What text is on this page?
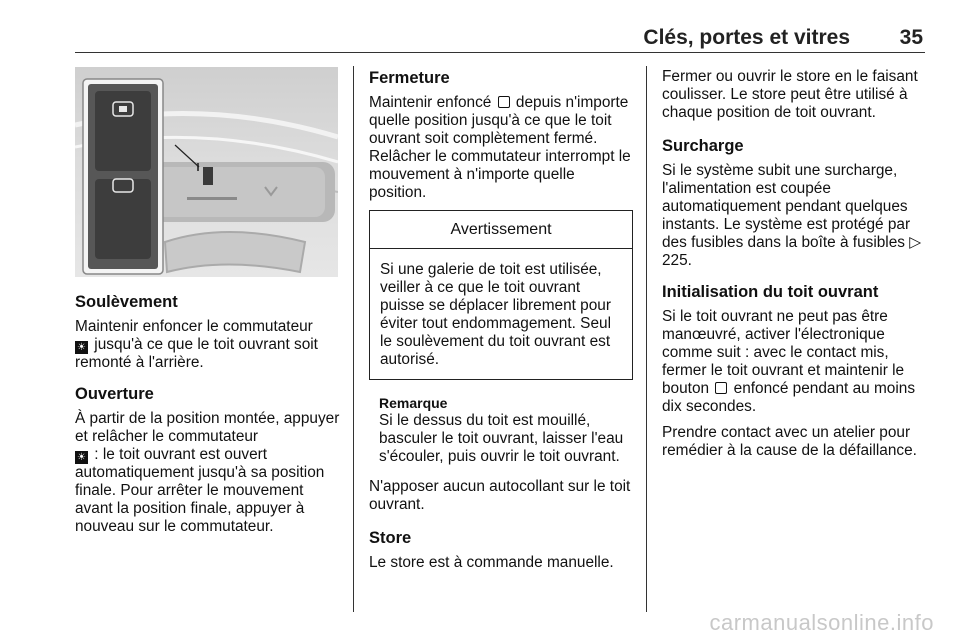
Clés, portes et vitres 35
Soulèvement

Maintenir enfoncer le commutateur
☀ jusqu'à ce que le toit ouvrant soit remonté à l'arrière.

Ouverture

À partir de la position montée, appuyer et relâcher le commutateur
☀ : le toit ouvrant est ouvert automatiquement jusqu'à sa position finale. Pour arrêter le mouvement avant la position finale, appuyer à nouveau sur le commutateur.

Fermeture

Maintenir enfoncé  depuis n'importe quelle position jusqu'à ce que le toit ouvrant soit complètement fermé. Relâcher le commutateur interrompt le mouvement à n'importe quelle position.

Avertissement
Si une galerie de toit est utilisée, veiller à ce que le toit ouvrant puisse se déplacer librement pour éviter tout endommagement. Seul le soulèvement du toit ouvrant est autorisé.
Remarque
Si le dessus du toit est mouillé, basculer le toit ouvrant, laisser l'eau s'écouler, puis ouvrir le toit ouvrant.

N'apposer aucun autocollant sur le toit ouvrant.

Store

Le store est à commande manuelle.

Fermer ou ouvrir le store en le faisant coulisser. Le store peut être utilisé à chaque position de toit ouvrant.

Surcharge

Si le système subit une surcharge, l'alimentation est coupée automatiquement pendant quelques instants. Le système est protégé par des fusibles dans la boîte à fusibles ▷ 225.

Initialisation du toit ouvrant

Si le toit ouvrant ne peut pas être manœuvré, activer l'électronique comme suit : avec le contact mis, fermer le toit ouvrant et maintenir le bouton  enfoncé pendant au moins dix secondes.

Prendre contact avec un atelier pour remédier à la cause de la défaillance.

carmanualsonline.info
